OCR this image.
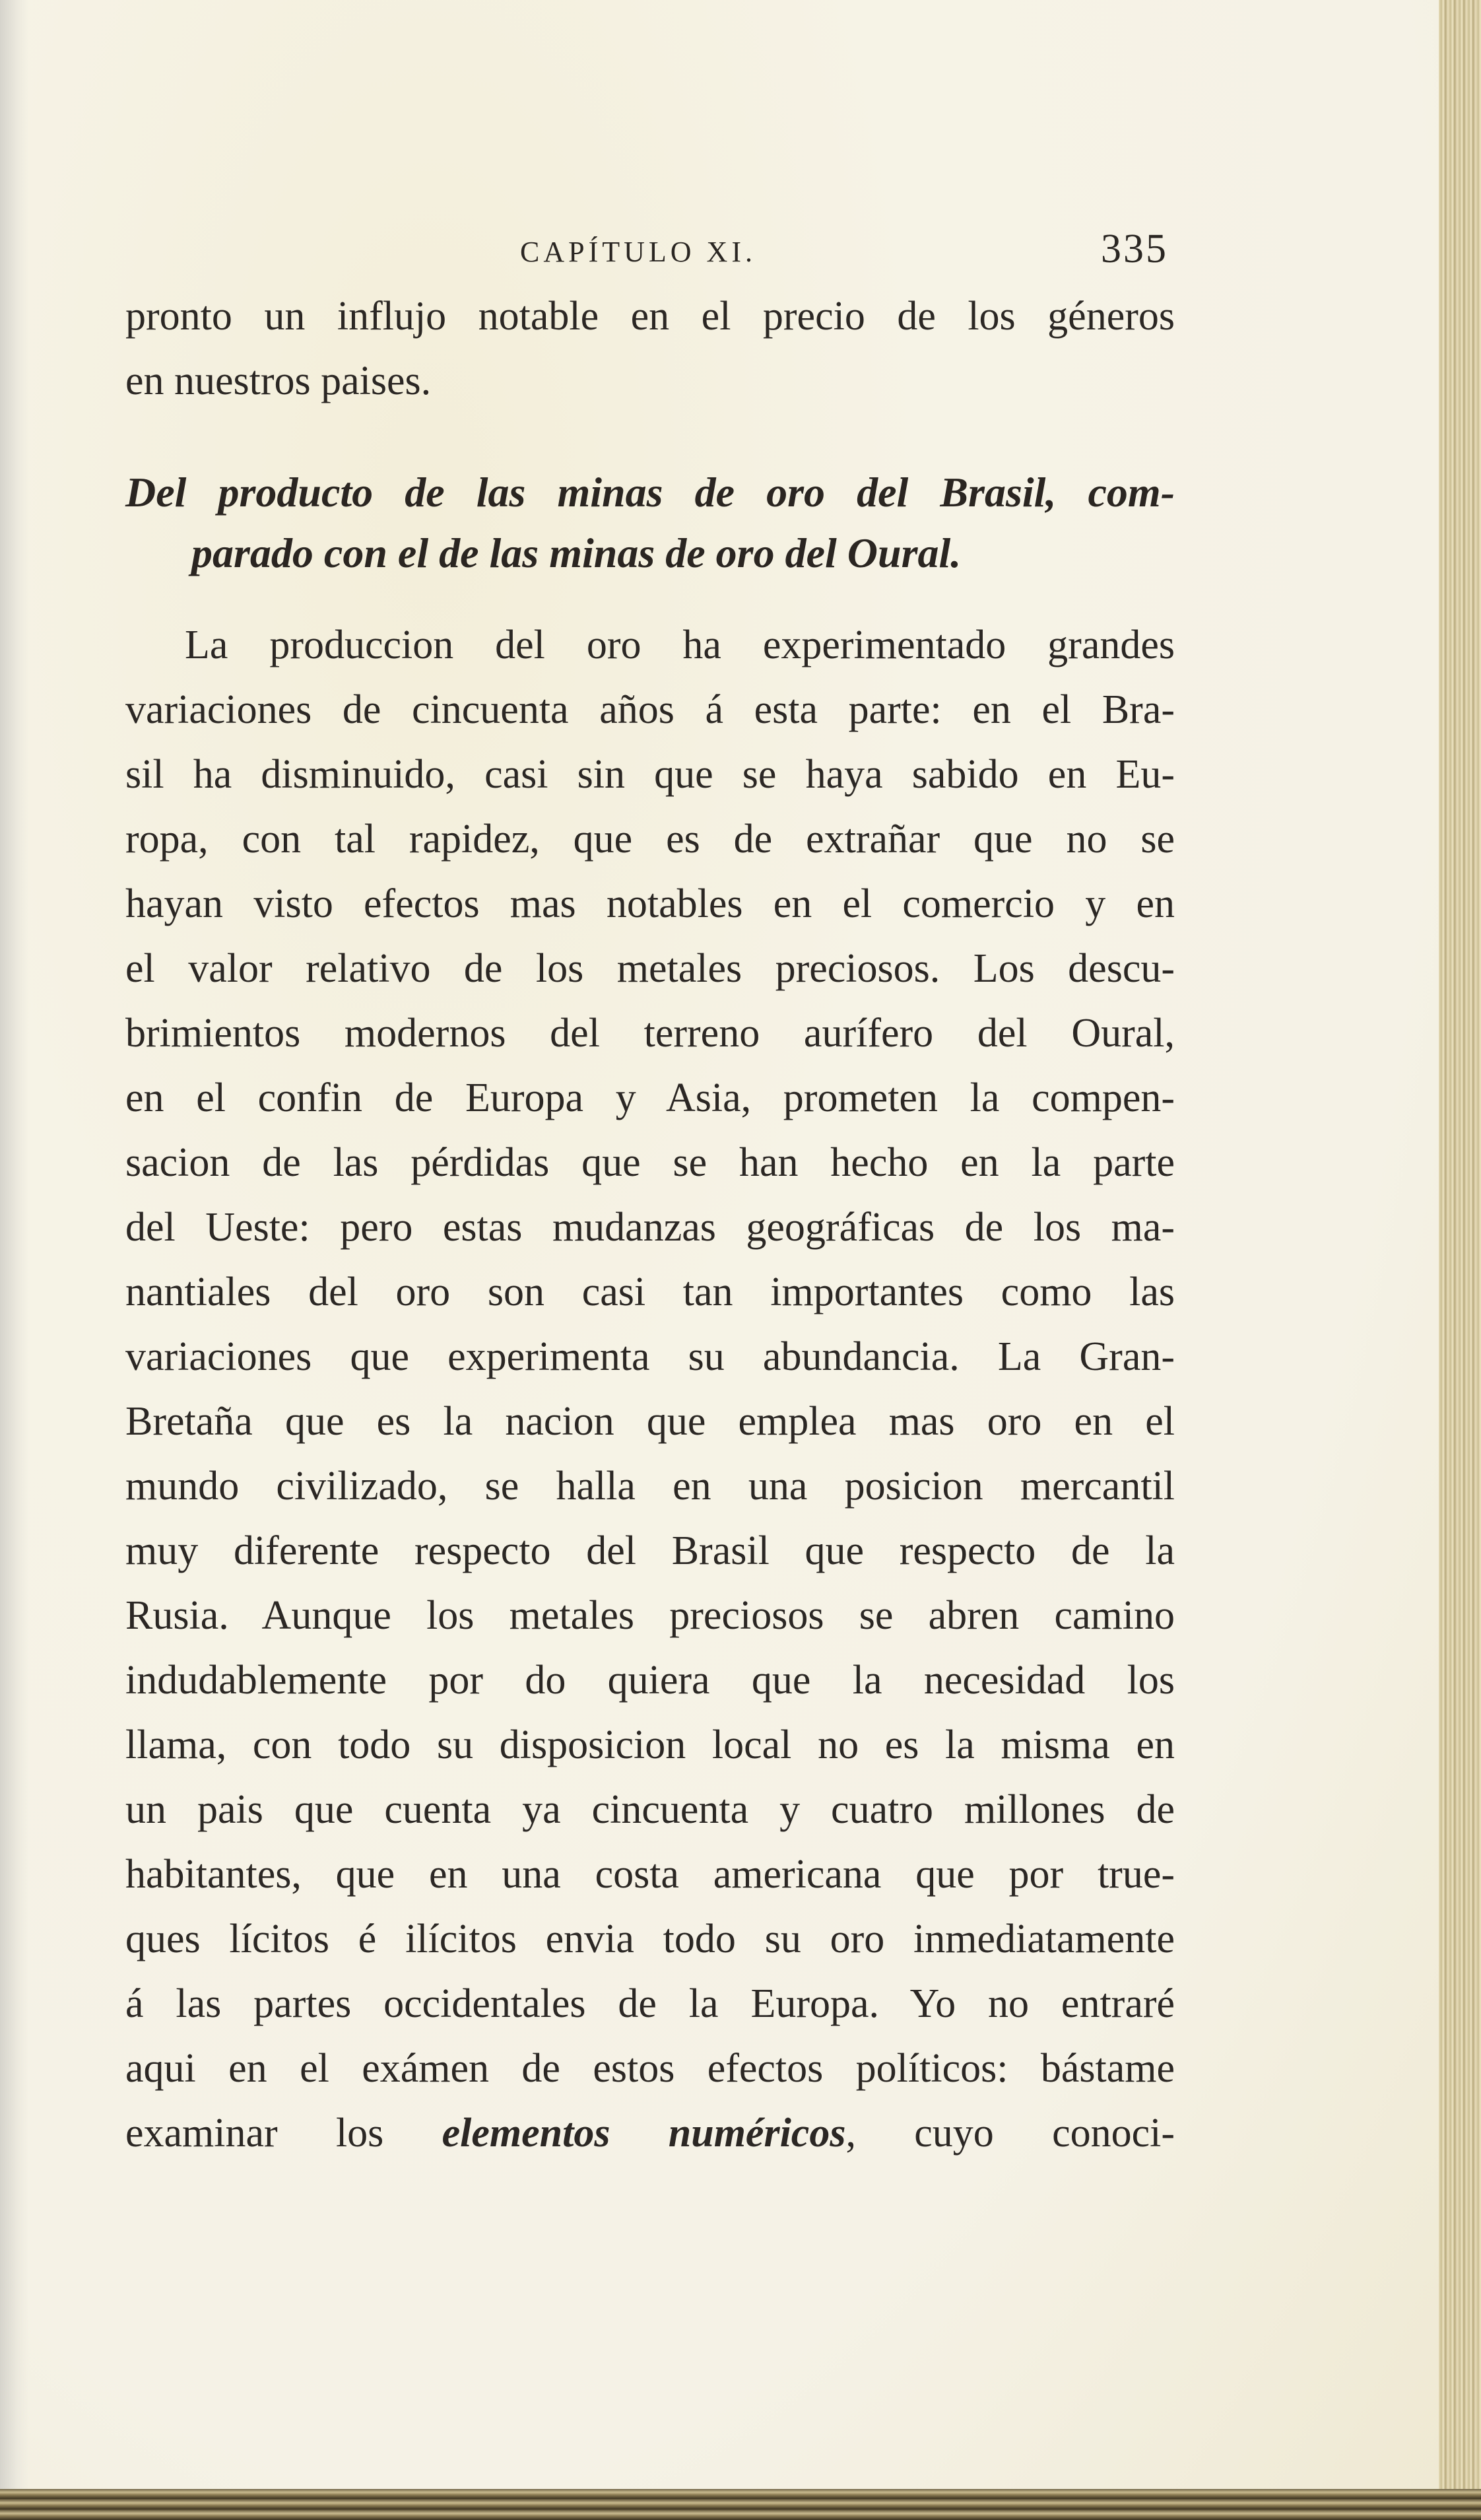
CAPÍTULO XI.	335
pronto un influjo notable en el precio de los géneros
en nuestros paises.
Del producto de las minas de oro del Brasil, com-
parado con el de las minas de oro del Oural.
La produccion del oro ha experimentado grandes
variaciones de cincuenta años á esta parte: en el Bra-
sil ha disminuido, casi sin que se haya sabido en Eu-
ropa, con tal rapidez, que es de extrañar que no se
hayan visto efectos mas notables en el comercio y en
el valor relativo de los metales preciosos. Los descu-
brimientos modernos del terreno aurífero del Oural,
en el confin de Europa y Asia, prometen la compen-
sacion de las pérdidas que se han hecho en la parte
del Ueste: pero estas mudanzas geográficas de los ma-
nantiales del oro son casi tan importantes como las
variaciones que experimenta su abundancia. La Gran-
Bretaña que es la nacion que emplea mas oro en el
mundo civilizado, se halla en una posicion mercantil
muy diferente respecto del Brasil que respecto de la
Rusia. Aunque los metales preciosos se abren camino
indudablemente por do quiera que la necesidad los
llama, con todo su disposicion local no es la misma en
un pais que cuenta ya cincuenta y cuatro millones de
habitantes, que en una costa americana que por true-
ques lícitos é ilícitos envia todo su oro inmediatamente
á las partes occidentales de la Europa. Yo no entraré
aqui en el exámen de estos efectos políticos: bástame
examinar los elementos numéricos, cuyo conoci-
